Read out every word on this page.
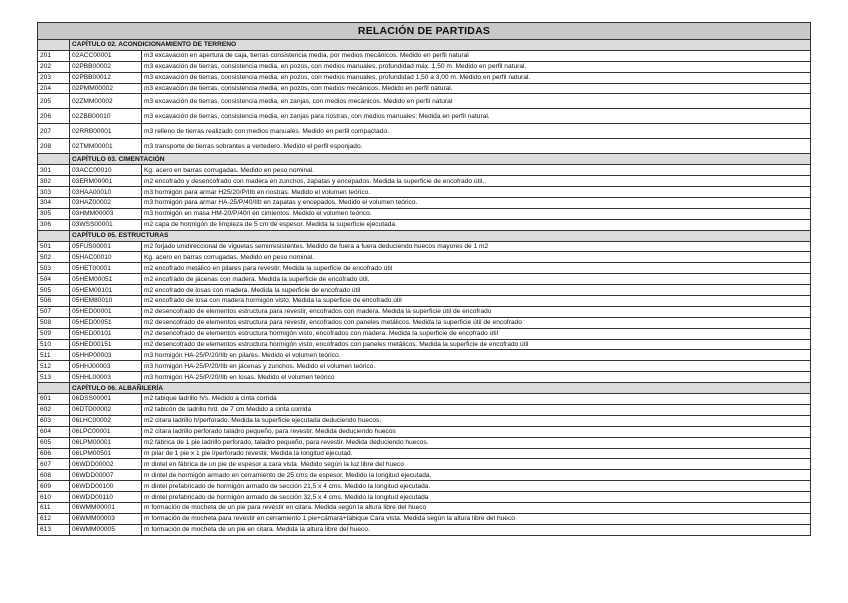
RELACIÓN DE PARTIDAS		
	CAPÍTULO 02. ACONDICIONAMIENTO DE TERRENO	
201	02ACC00001	m3 excavación en apertura de caja, tierras consistencia media, por medios mecánicos. Medido en perfil natural
202	02PBB00002	m3 excavación de tierras, consistencia media, en pozos, con medios manuales, profundidad máx. 1,50 m. Medido en perfil natural.
203	02PBB00012	m3 excavación de tierras, consistencia media, en pozos, con medios manuales, profundidad 1,50 a 3,00 m. Medido en perfil natural.
204	02PMM00002	m3 excavación de tierras, consistencia media, en pozos, con medios mecánicos. Medido en perfil natural.
205	02ZMM00002	m3 excavación de tierras, consistencia media, en zanjas, con medios mecánicos. Medido en perfil natural
206	02ZBB00010	m3 excavación de tierras, consistencia media, en zanjas para riostras, con medios manuales: Medida en perfil natural.
207	02RRB00001	m3 relleno de tierras realizado con medios manuales. Medido en perfil compactado.
208	02TMM00001	m3 transporte de tierras sobrantes a vertedero. Medido el perfil esponjado.
	CAPÍTULO 03. CIMENTACIÓN	
301	03ACC00010	Kg. acero en barras corrugadas. Medido en peso nominal.
302	03ERM00001	m2 encofrado y desencofrado con madera en zunchos, zapatas y encepados. Medida la superficie de encofrado útil..
303	03HAA00010	m3 hormigón para armar H25/20/P/IIb en riostras. Medido el volumen teórico.
304	03HAZ00002	m3 hormigón para armar HA-25/P/40/IIb en zapatas y encepados. Medido el volumen teórico.
305	03HMM00003	m3 hormigón en masa HM-20/P/40/I en cimientos. Medido el volumen teórico.
306	03WSS00001	m2 capa de hormigón de limpieza de 5 cm de espesor. Medida la superficie ejecutada.
	CAPÍTULO 05. ESTRUCTURAS	
501	05FUS00001	m2 forjado unidireccional de viguetas semirresistentes. Medido de fuera a fuera deduciendo huecos mayores de 1 m2
502	05HAC00010	Kg. acero en barras corrugadas. Medido en peso nominal.
503	05HET00001	m2 encofrado metálico en pilares para revestir. Medida la superficie de encofrado útil
504	05HEM00051	m2 encofrado de jácenas con madera. Medida la superficie de encofrado útil.
505	05HEM00101	m2 encofrado de losas con madera. Medida la superficie de encofrado útil
506	05HEM80010	m2 encofrado de losa con madera hormigón visto. Medida la superficie de encofrado útil
507	05HED00001	m2 desencofrado de elementos estructura para revestir, encofrados con madera. Medida la superficie útil de encofrado
508	05HED00051	m2 desencofrado de elementos estructura para revestir, encofrados con paneles metálicos. Medida la superficie útil de encofrado
509	05HED00101	m2 desencofrado de elementos estructura hormigón visto, encofrados con madera. Medida la superficie de encofrado útil
510	05HED00151	m2 desencofrado de elementos estructura hormigón visto, encofrados con paneles metálicos. Medida la superficie de encofrado útil
511	05HHP00003	m3 hormigón HA-25/P/20/IIb en pilares. Medido el volumen teórico.
512	05HHJ00003	m3 hormigón HA-25/P/20/IIb en jácenas y zunchos. Medido el volumen teórico.
513	05HHL00003	m3 hormigón HA-25/P/20/IIb en losas. Medido el volumen teórico
	CAPÍTULO 06. ALBAÑILERÍA	
601	06DSS00001	m2 tabique ladrillo h/s. Medido a cinta corrida
602	06DTD00002	m2 tabicón de ladrillo h/d. de 7 cm Medido a cinta corrida
603	06LHC00002	m2 citara ladrillo h/perforado. Medida la superficie ejecutada deduciendo huecos.
604	06LPC00001	m2 citara ladrillo perforado taladro pequeño, para revestir. Medida deduciendo huecos
605	06LPM00001	m2 fábrica de 1 pie ladrillo perforado, taladro pequeño, para revestir. Medida deduciendo huecos.
606	06LPM00501	m pilar de 1 pie x 1 pie l/perforado revestir. Medida la longitud ejecutad.
607	06WDD00002	m dintel en fábrica de un pie de espesor a cara vista. Medido según la luz libre del hueco
608	06WDD00007	m dintel de hormigón armado en cerramiento de 25 cms de espesor. Medido la longitud ejecutada.
609	06WDD00100	m dintel prefabricado de hormigón armado de sección 21,5 x 4 cms. Medido la longitud ejecutada.
610	06WDD00110	m dintel prefabricado de hormigón armado de sección 32,5 x 4 cms. Medido la longitud ejecutada
611	06WMM00001	m formación de mocheta de un pie para revestir en citara. Medida según la altura libre del hueco
612	06WMM00003	m formación de mocheta para revestir en cerramiento 1 pie+cámara+tabique Cara vista. Medida según la altura libre del hueco
613	06WMM00005	m formación de mocheta de un pie en citara. Medida la altura libre del hueco.
